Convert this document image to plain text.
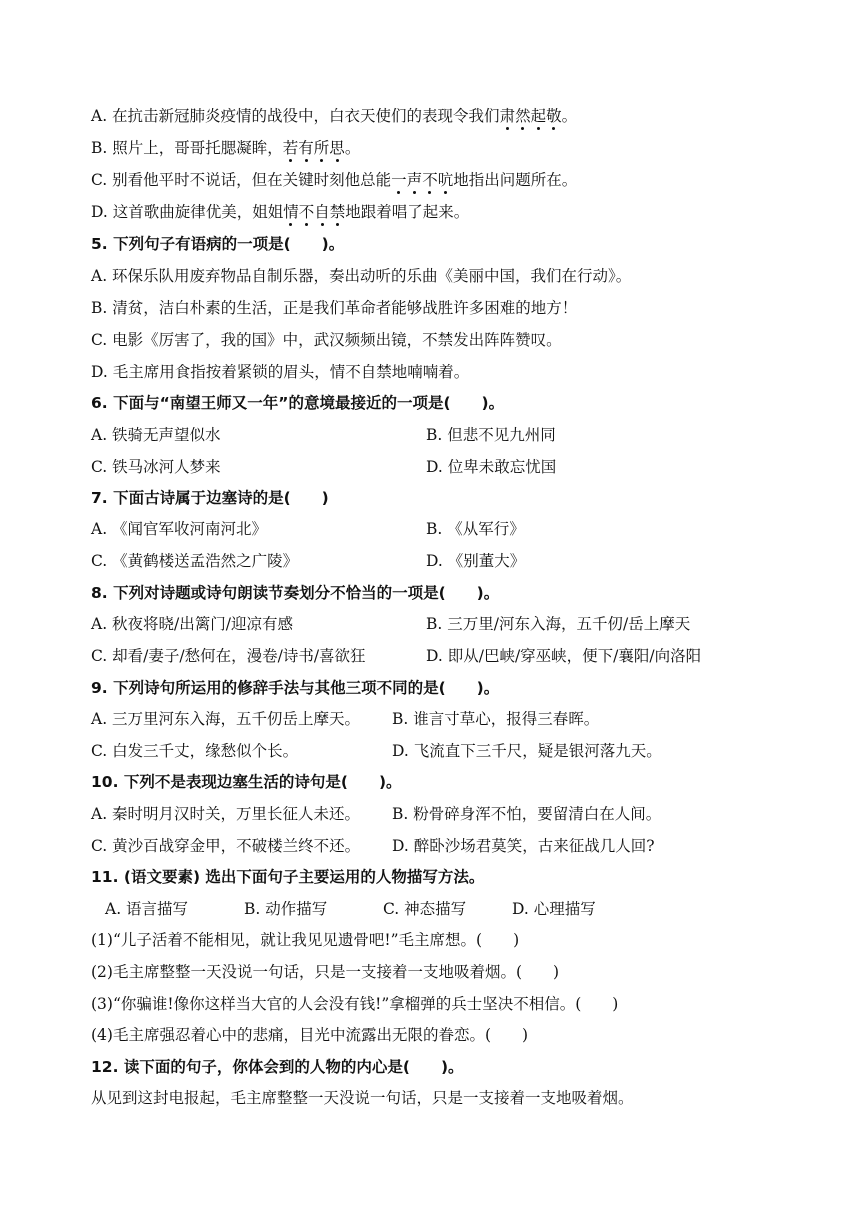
A. 在抗击新冠肺炎疫情的战役中，白衣天使们的表现令我们肃然起敬。
B. 照片上，哥哥托腮凝眸，若有所思。
C. 别看他平时不说话，但在关键时刻他总能一声不吭地指出问题所在。
D. 这首歌曲旋律优美，姐姐情不自禁地跟着唱了起来。
5. 下列句子有语病的一项是(　　)。
A. 环保乐队用废弃物品自制乐器，奏出动听的乐曲《美丽中国，我们在行动》。
B. 清贫，洁白朴素的生活，正是我们革命者能够战胜许多困难的地方！
C. 电影《厉害了，我的国》中，武汉频频出镜，不禁发出阵阵赞叹。
D. 毛主席用食指按着紧锁的眉头，情不自禁地喃喃着。
6. 下面与“南望王师又一年”的意境最接近的一项是(　　)。
A. 铁骑无声望似水	B. 但悲不见九州同
C. 铁马冰河人梦来	D. 位卑未敢忘忧国
7. 下面古诗属于边塞诗的是(　　)
A. 《闻官军收河南河北》	B. 《从军行》
C. 《黄鹤楼送孟浩然之广陵》	D. 《别董大》
8. 下列对诗题或诗句朗读节奏划分不恰当的一项是(　　)。
A. 秋夜将晓/出篱门/迎凉有感	B. 三万里/河东入海，五千仞/岳上摩天
C. 却看/妻子/愁何在，漫卷/诗书/喜欲狂	D. 即从/巴峡/穿巫峡，便下/襄阳/向洛阳
9. 下列诗句所运用的修辞手法与其他三项不同的是(　　)。
A. 三万里河东入海，五千仞岳上摩天。 B. 谁言寸草心，报得三春晖。
C. 白发三千丈，缘愁似个长。	D. 飞流直下三千尺，疑是银河落九天。
10. 下列不是表现边塞生活的诗句是(　　)。
A. 秦时明月汉时关，万里长征人未还。 B. 粉骨碎身浑不怕，要留清白在人间。
C. 黄沙百战穿金甲，不破楼兰终不还。 D. 醉卧沙场君莫笑，古来征战几人回?
11. (语文要素) 选出下面句子主要运用的人物描写方法。
A. 语言描写	B. 动作描写	C. 神态描写	D. 心理描写
(1)“儿子活着不能相见，就让我见见遗骨吧!”毛主席想。(　　)
(2)毛主席整整一天没说一句话，只是一支接着一支地吸着烟。(　　)
(3)“你骗谁!像你这样当大官的人会没有钱!”拿榴弹的兵士坚决不相信。(　　)
(4)毛主席强忍着心中的悲痛，目光中流露出无限的眷恋。(　　)
12. 读下面的句子，你体会到的人物的内心是(　　)。
从见到这封电报起，毛主席整整一天没说一句话，只是一支接着一支地吸着烟。
